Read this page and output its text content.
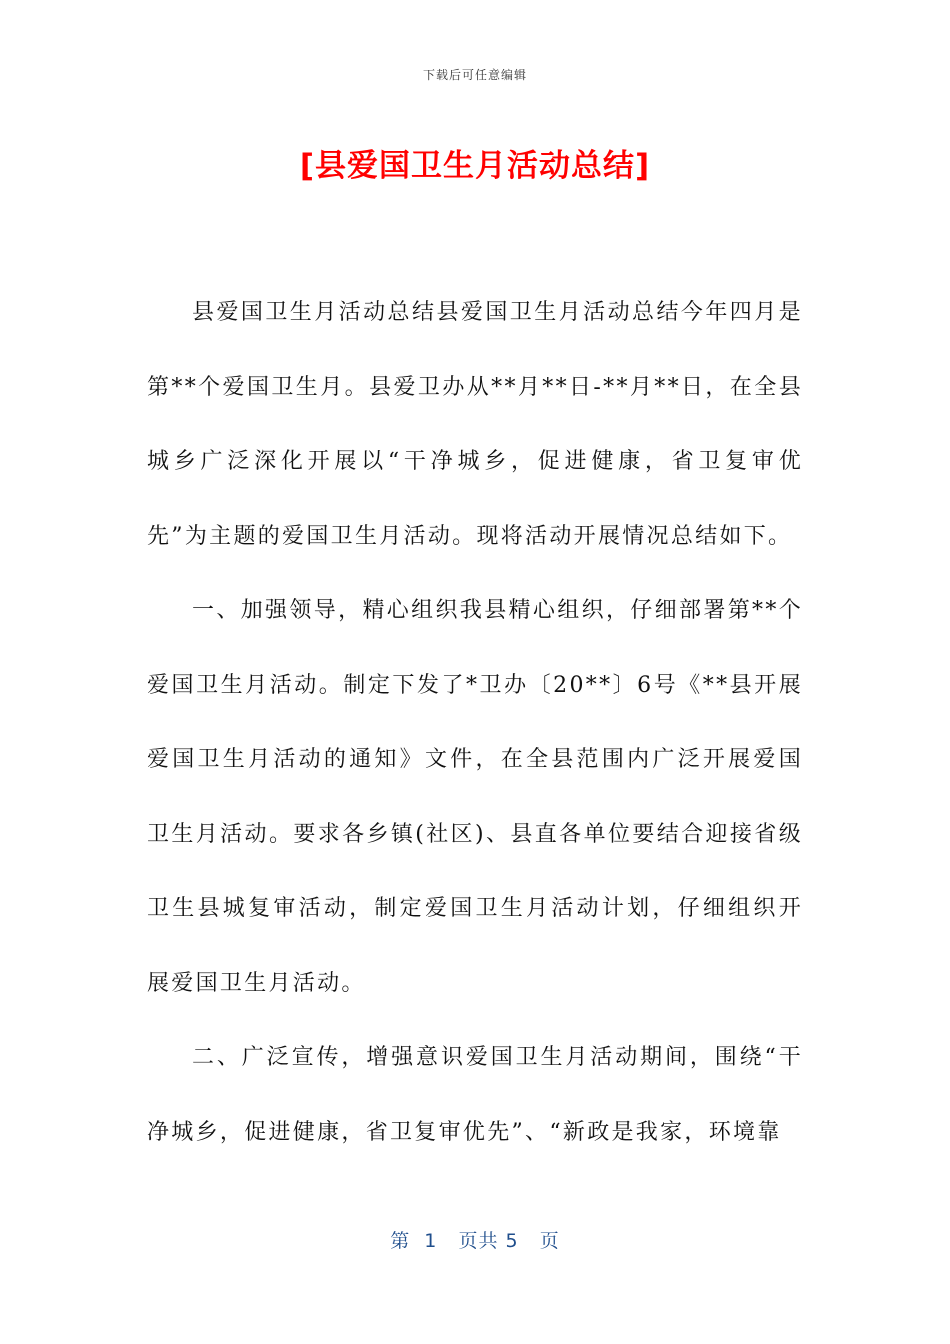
下载后可任意编辑
[县爱国卫生月活动总结]

县爱国卫生月活动总结县爱国卫生月活动总结今年四月是第**个爱国卫生月。县爱卫办从**月**日-**月**日，在全县城乡广泛深化开展以“干净城乡，促进健康，省卫复审优先”为主题的爱国卫生月活动。现将活动开展情况总结如下。

一、加强领导，精心组织我县精心组织，仔细部署第**个爱国卫生月活动。制定下发了*卫办〔20**〕6号《**县开展爱国卫生月活动的通知》文件，在全县范围内广泛开展爱国卫生月活动。要求各乡镇(社区)、县直各单位要结合迎接省级卫生县城复审活动，制定爱国卫生月活动计划，仔细组织开展爱国卫生月活动。

二、广泛宣传，增强意识爱国卫生月活动期间，围绕“干净城乡，促进健康，省卫复审优先”、“新政是我家，环境靠

第  1   页共 5   页
